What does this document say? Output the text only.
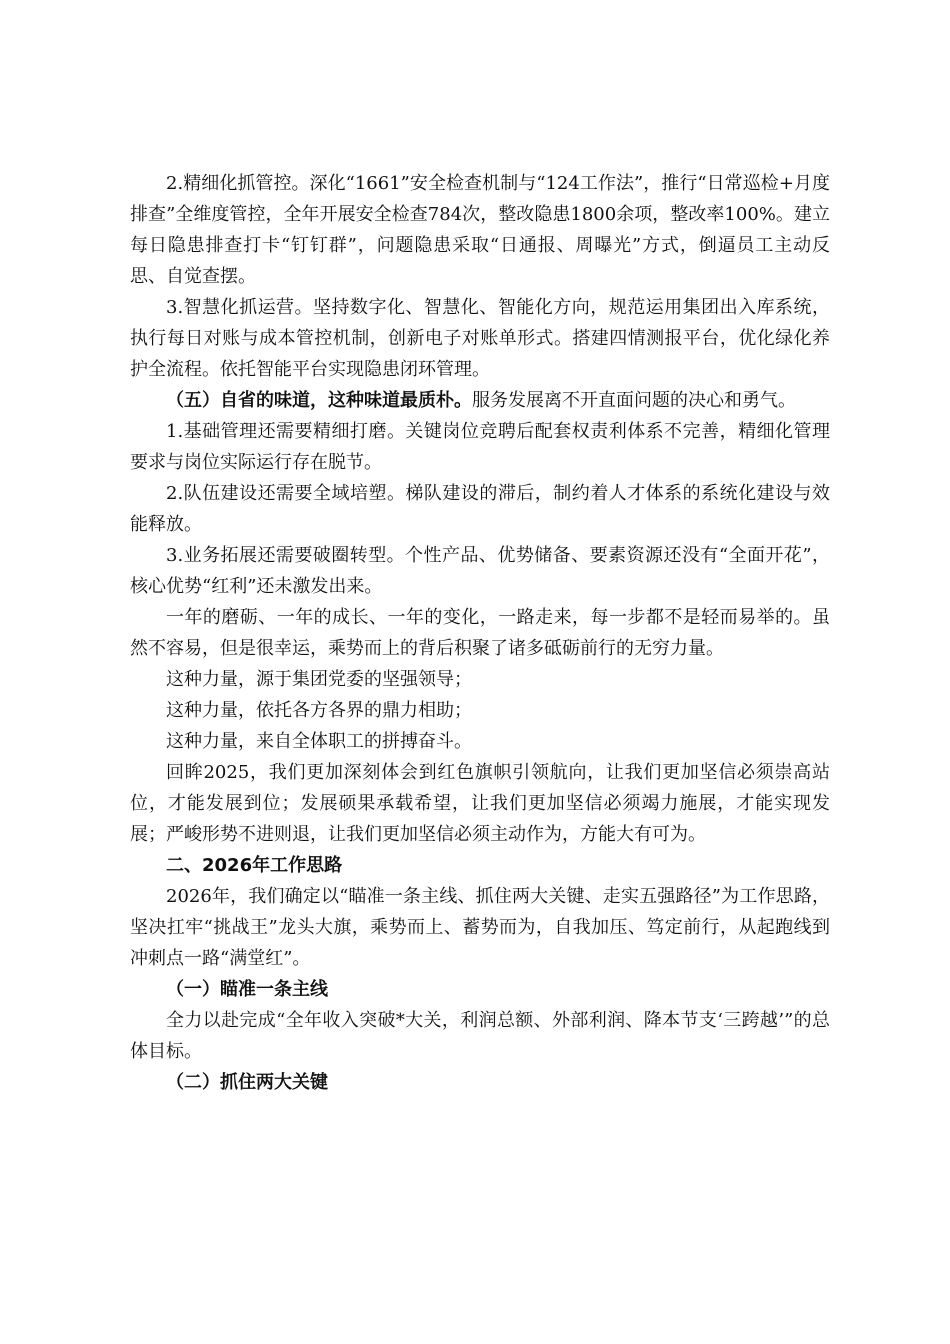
2.精细化抓管控。深化“1661”安全检查机制与“124工作法”，推行“日常巡检+月度排查”全维度管控，全年开展安全检查784次，整改隐患1800余项，整改率100%。建立每日隐患排查打卡“钉钉群”，问题隐患采取“日通报、周曝光”方式，倒逼员工主动反思、自觉查摆。

3.智慧化抓运营。坚持数字化、智慧化、智能化方向，规范运用集团出入库系统，执行每日对账与成本管控机制，创新电子对账单形式。搭建四情测报平台，优化绿化养护全流程。依托智能平台实现隐患闭环管理。

（五）自省的味道，这种味道最质朴。服务发展离不开直面问题的决心和勇气。

1.基础管理还需要精细打磨。关键岗位竞聘后配套权责利体系不完善，精细化管理要求与岗位实际运行存在脱节。

2.队伍建设还需要全域培塑。梯队建设的滞后，制约着人才体系的系统化建设与效能释放。

3.业务拓展还需要破圈转型。个性产品、优势储备、要素资源还没有“全面开花”，核心优势“红利”还未激发出来。

一年的磨砺、一年的成长、一年的变化，一路走来，每一步都不是轻而易举的。虽然不容易，但是很幸运，乘势而上的背后积聚了诸多砥砺前行的无穷力量。

这种力量，源于集团党委的坚强领导；

这种力量，依托各方各界的鼎力相助；

这种力量，来自全体职工的拼搏奋斗。

回眸2025，我们更加深刻体会到红色旗帜引领航向，让我们更加坚信必须崇高站位，才能发展到位；发展硕果承载希望，让我们更加坚信必须竭力施展，才能实现发展；严峻形势不进则退，让我们更加坚信必须主动作为，方能大有可为。

二、2026年工作思路

2026年，我们确定以“瞄准一条主线、抓住两大关键、走实五强路径”为工作思路，坚决扛牢“挑战王”龙头大旗，乘势而上、蓄势而为，自我加压、笃定前行，从起跑线到冲刺点一路“满堂红”。

（一）瞄准一条主线

全力以赴完成“全年收入突破*大关，利润总额、外部利润、降本节支‘三跨越’”的总体目标。

（二）抓住两大关键
